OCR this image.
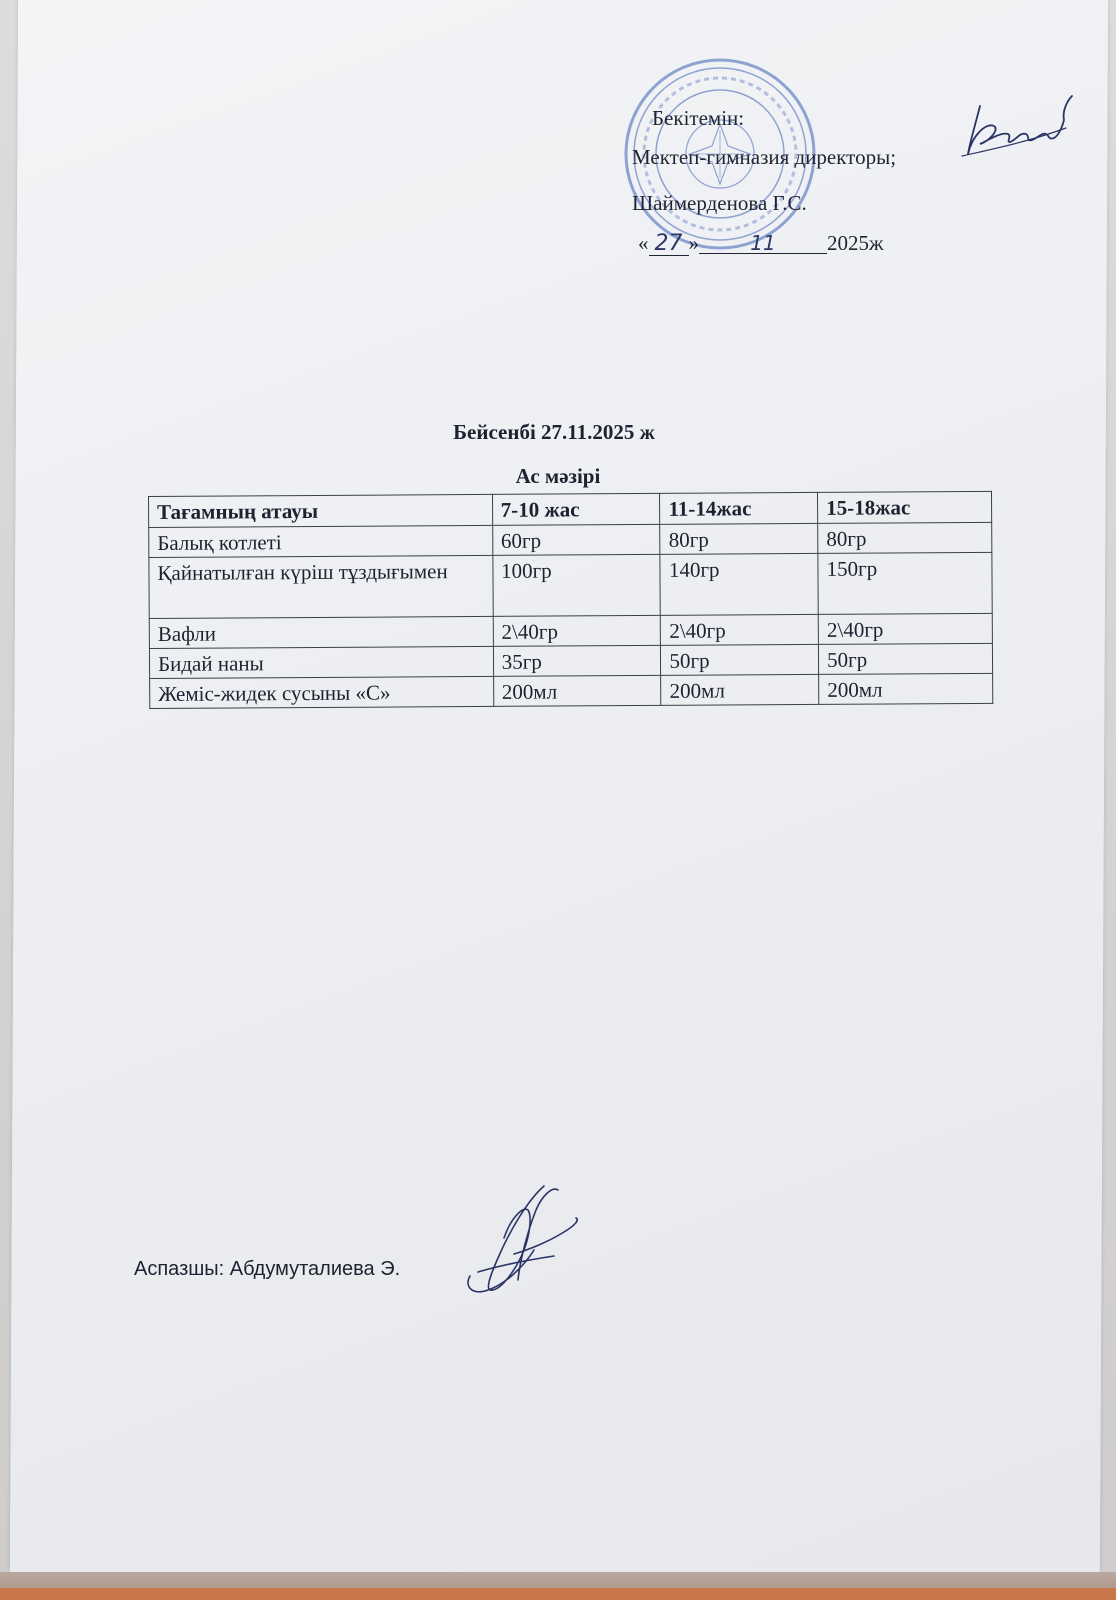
Бекітемін:
Мектеп-гимназия директоры;
Шаймерденова Г.С.
« 27 »	11 2025ж
Бейсенбі 27.11.2025 ж
Ас мәзірі
Тағамның атауы	7-10 жас	11-14жас	15-18жас
Балық котлеті	60гр	80гр	80гр
Қайнатылған күріш тұздығымен	100гр	140гр	150гр
Вафли	2\40гр	2\40гр	2\40гр
Бидай наны	35гр	50гр	50гр
Жеміс-жидек сусыны «С»	200мл	200мл	200мл
Аспазшы: Абдумуталиева Э.
